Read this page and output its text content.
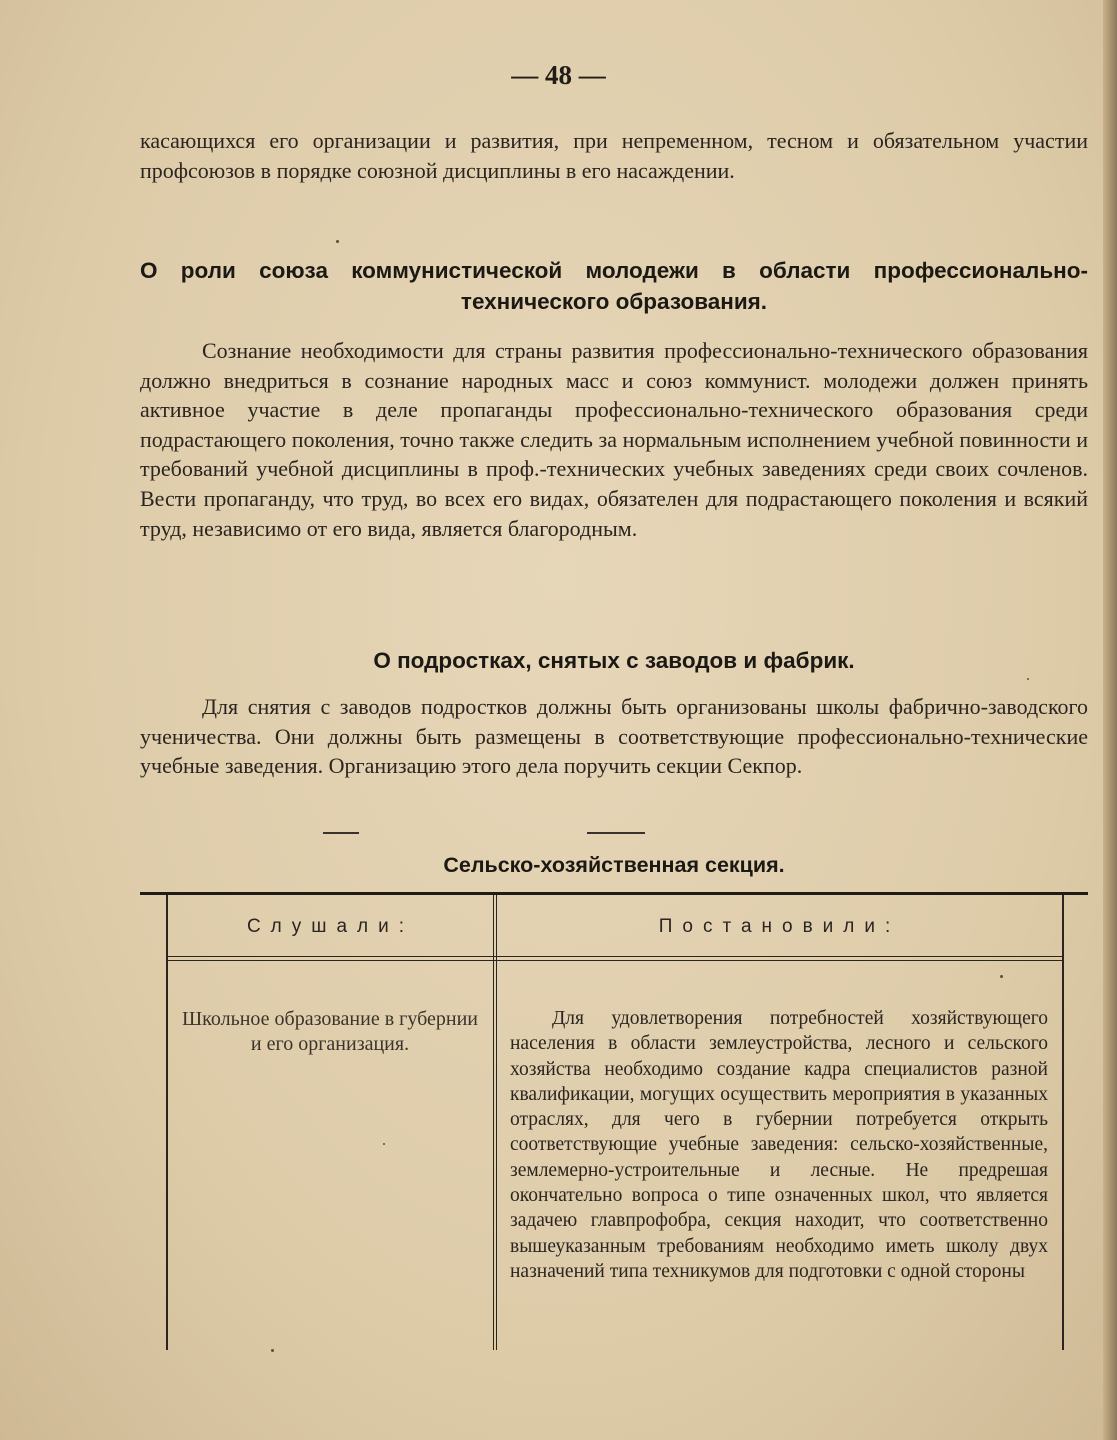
— 48 —

касающихся его организации и развития, при непременном, тесном и обязательном участии профсоюзов в порядке союзной дисциплины в его насаждении.

О роли союза коммунистической молодежи в области профессионально-технического образования.

Сознание необходимости для страны развития профессионально-технического образования должно внедриться в сознание народных масс и союз коммунист. молодежи должен принять активное участие в деле пропаганды профессионально-технического образования среди подрастающего поколения, точно также следить за нормальным исполнением учебной повинности и требований учебной дисциплины в проф.-технических учебных заведениях среди своих сочленов. Вести пропаганду, что труд, во всех его видах, обязателен для подрастающего поколения и всякий труд, независимо от его вида, является благородным.

О подростках, снятых с заводов и фабрик.

Для снятия с заводов подростков должны быть организованы школы фабрично-заводского ученичества. Они должны быть размещены в соответствующие профессионально-технические учебные заведения. Организацию этого дела поручить секции Секпор.

Сельско-хозяйственная секция.
Слушали:	Постановили:

Школьное образование в губернии и его организация.

Для удовлетворения потребностей хозяйствующего населения в области землеустройства, лесного и сельского хозяйства необходимо создание кадра специалистов разной квалификации, могущих осуществить мероприятия в указанных отраслях, для чего в губернии потребуется открыть соответствующие учебные заведения: сельско-хозяйственные, землемерно-устроительные и лесные. Не предрешая окончательно вопроса о типе означенных школ, что является задачею главпрофобра, секция находит, что соответственно вышеуказанным требованиям необходимо иметь школу двух назначений типа техникумов для подготовки с одной стороны
